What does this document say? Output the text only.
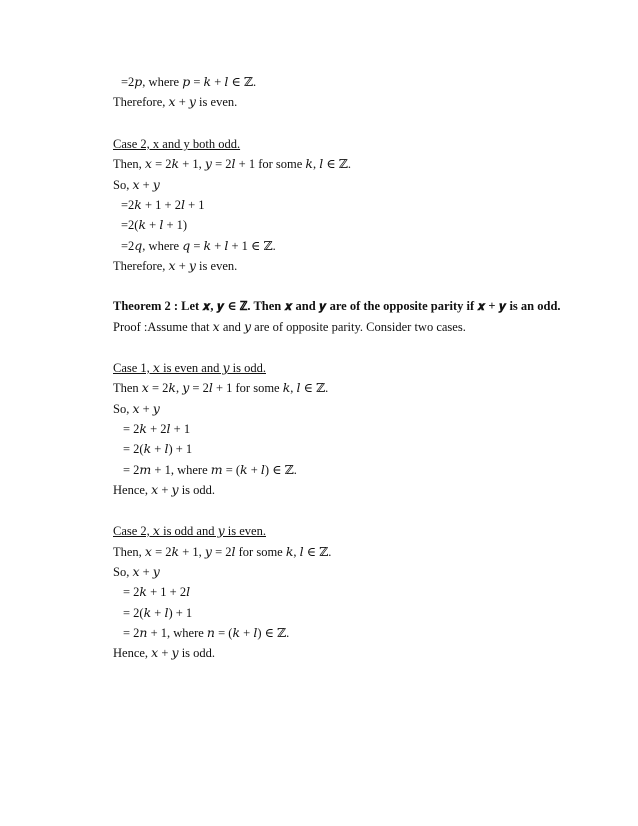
=2𝑝, where 𝑝 = 𝑘 + 𝑙 ∈ ℤ.
Therefore, 𝑥 + 𝑦 is even.
Case 2, x and y both odd.
Then, 𝑥 = 2𝑘 + 1, 𝑦 = 2𝑙 + 1 for some 𝑘, 𝑙 ∈ ℤ.
So, 𝑥 + 𝑦
=2𝑘 + 1 + 2𝑙 + 1
=2(𝑘 + 𝑙 + 1)
=2𝑞, where 𝑞 = 𝑘 + 𝑙 + 1 ∈ ℤ.
Therefore, 𝑥 + 𝑦 is even.
Theorem 2 : Let 𝒙, 𝒚 ∈ ℤ. Then 𝒙 and 𝒚 are of the opposite parity if 𝒙 + 𝒚 is an odd.
Proof :Assume that 𝑥 and 𝑦 are of opposite parity. Consider two cases.
Case 1, 𝑥 is even and 𝑦 is odd.
Then 𝑥 = 2𝑘, 𝑦 = 2𝑙 + 1 for some 𝑘, 𝑙 ∈ ℤ.
So, 𝑥 + 𝑦
= 2𝑘 + 2𝑙 + 1
= 2(𝑘 + 𝑙) + 1
= 2𝑚 + 1, where 𝑚 = (𝑘 + 𝑙) ∈ ℤ.
Hence, 𝑥 + 𝑦 is odd.
Case 2, 𝑥 is odd and 𝑦 is even.
Then, 𝑥 = 2𝑘 + 1, 𝑦 = 2𝑙 for some 𝑘, 𝑙 ∈ ℤ.
So, 𝑥 + 𝑦
= 2𝑘 + 1 + 2𝑙
= 2(𝑘 + 𝑙) + 1
= 2𝑛 + 1, where 𝑛 = (𝑘 + 𝑙) ∈ ℤ.
Hence, 𝑥 + 𝑦 is odd.
